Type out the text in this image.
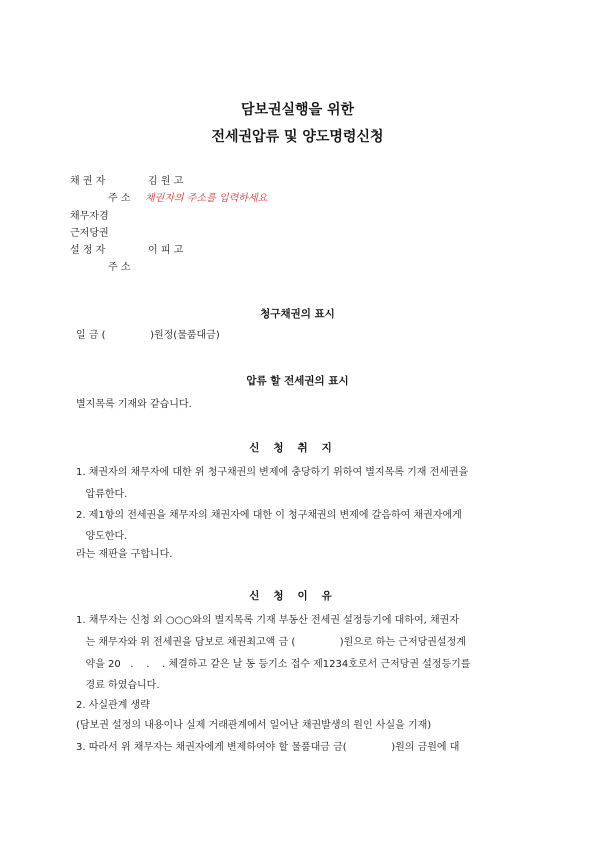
담보권실행을 위한
전세권압류 및 양도명령신청
채 권 자	김 원 고
주 소 채권자의 주소를 입력하세요
채무자겸
근저당권
설 정 자	이 피 고
주 소
청구채권의 표시
일 금 (              )원정(물품대금)
압류 할 전세권의 표시
별지목록 기재와 같습니다.
신청취지
1. 채권자의 채무자에 대한 위 청구채권의 변제에 충당하기 위하여 별지목록 기재 전세권을
압류한다.
2. 제1항의 전세권을 채무자의 채권자에 대한 이 청구채권의 변제에 갈음하여 채권자에게
양도한다.
라는 재판을 구합니다.
신청이유
1. 채무자는 신청 외 ○○○와의 별지목록 기재 부동산 전세권 설정등기에 대하여, 채권자
는 채무자와 위 전세권을 담보로 채권최고액 금 (              )원으로 하는 근저당권설정계
약을 20   .    .    . 체결하고 같은 날 동 등기소 접수 제1234호로서 근저당권 설정등기를
경료 하였습니다.
2. 사실관계 생략
(담보권 설정의 내용이나 실제 거래관계에서 일어난 채권발생의 원인 사실을 기재)
3. 따라서 위 채무자는 채권자에게 변제하여야 할 물품대금 금(              )원의 금원에 대
